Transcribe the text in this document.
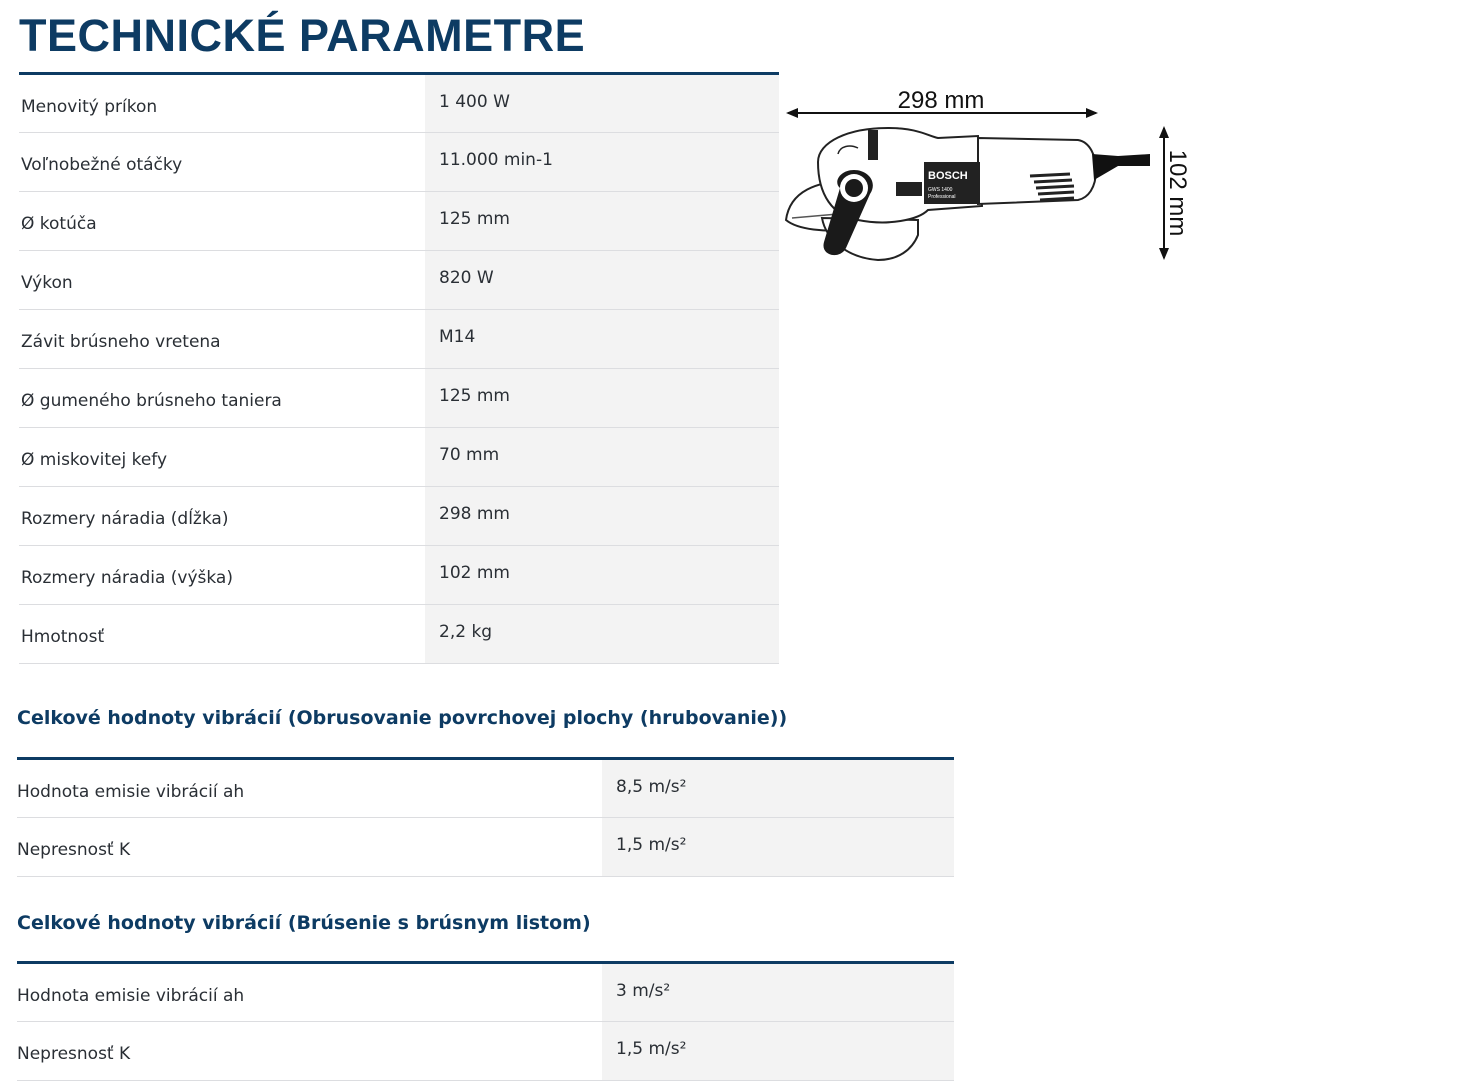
TECHNICKÉ PARAMETRE
Menovitý príkon	1 400 W
Voľnobežné otáčky	11.000 min-1
Ø kotúča	125 mm
Výkon	820 W
Závit brúsneho vretena	M14
Ø gumeného brúsneho taniera	125 mm
Ø miskovitej kefy	70 mm
Rozmery náradia (dĺžka)	298 mm
Rozmery náradia (výška)	102 mm
Hmotnosť	2,2 kg
298 mm
102 mm
BOSCH
GWS 1400
Professional
Celkové hodnoty vibrácií (Obrusovanie povrchovej plochy (hrubovanie))
Hodnota emisie vibrácií ah	8,5 m/s²
Nepresnosť K	1,5 m/s²
Celkové hodnoty vibrácií (Brúsenie s brúsnym listom)
Hodnota emisie vibrácií ah	3 m/s²
Nepresnosť K	1,5 m/s²
